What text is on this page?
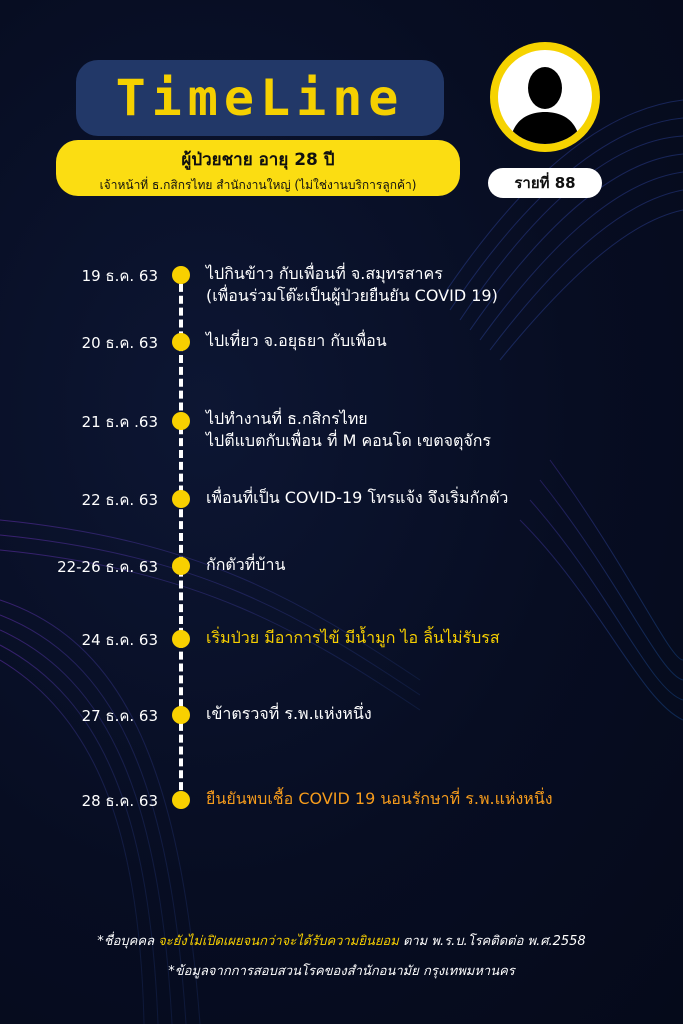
TimeLine
ผู้ป่วยชาย อายุ 28 ปี
เจ้าหน้าที่ ธ.กสิกรไทย สำนักงานใหญ่ (ไม่ใช่งานบริการลูกค้า)	รายที่ 88
19 ธ.ค. 63	ไปกินข้าว กับเพื่อนที่ จ.สมุทรสาคร
(เพื่อนร่วมโต๊ะเป็นผู้ป่วยยืนยัน COVID 19)
20 ธ.ค. 63	ไปเที่ยว จ.อยุธยา กับเพื่อน
21 ธ.ค .63	ไปทำงานที่ ธ.กสิกรไทย
ไปตีแบตกับเพื่อน ที่ M คอนโด เขตจตุจักร
22 ธ.ค. 63	เพื่อนที่เป็น COVID-19 โทรแจ้ง จึงเริ่มกักตัว
22-26 ธ.ค. 63	กักตัวที่บ้าน
24 ธ.ค. 63	เริ่มป่วย มีอาการไข้ มีน้ำมูก ไอ ลิ้นไม่รับรส
27 ธ.ค. 63	เข้าตรวจที่ ร.พ.แห่งหนึ่ง
28 ธ.ค. 63	ยืนยันพบเชื้อ COVID 19 นอนรักษาที่ ร.พ.แห่งหนึ่ง
*ชื่อบุคคล จะยังไม่เปิดเผยจนกว่าจะได้รับความยินยอม ตาม พ.ร.บ.โรคติดต่อ พ.ศ.2558
*ข้อมูลจากการสอบสวนโรคของสำนักอนามัย กรุงเทพมหานคร
